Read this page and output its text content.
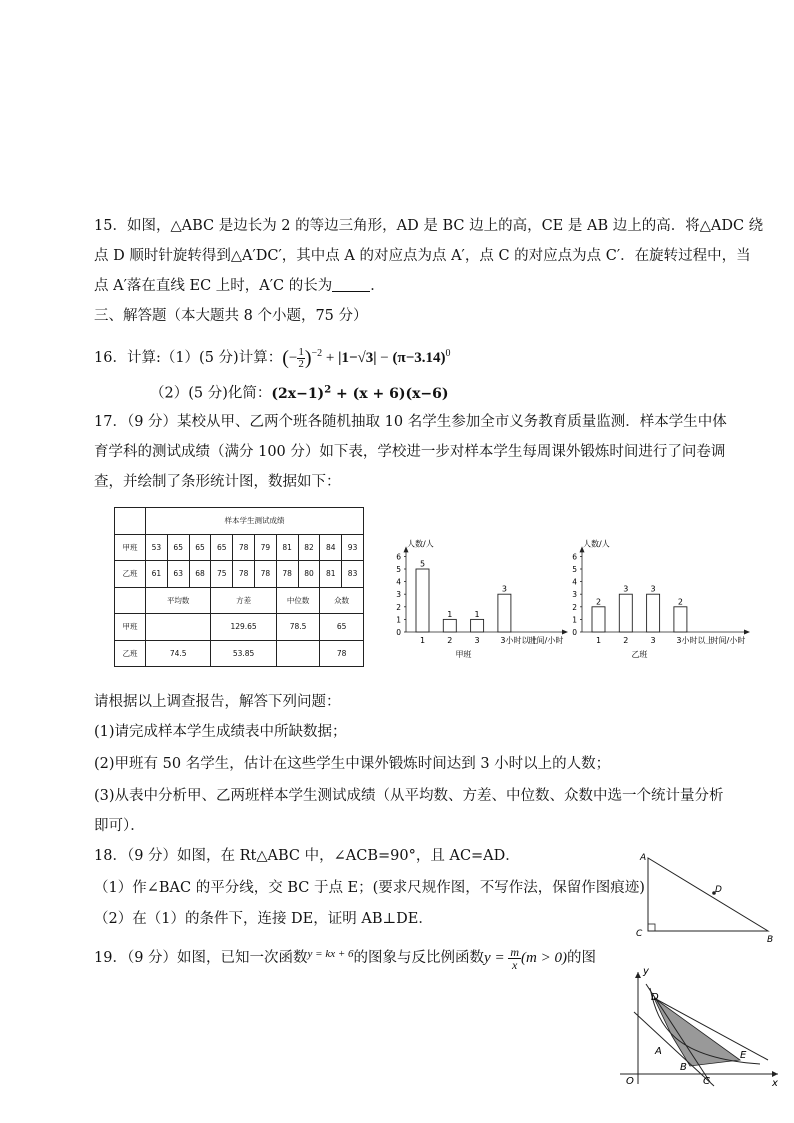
15．如图，△ABC 是边长为 2 的等边三角形，AD 是 BC 边上的高，CE 是 AB 边上的高．将△ADC 绕
点 D 顺时针旋转得到△A′DC′，其中点 A 的对应点为点 A′，点 C 的对应点为点 C′．在旋转过程中，当
点 A′落在直线 EC 上时，A′C 的长为	．
三、解答题（本大题共 8 个小题，75 分）
16．计算:（1）(5 分)计算：(− $\frac{1}{2} )^{-2} + |1-√3| - (\pi-3.14)^0$
（2）(5 分)化简：$(2x-1)^2 + (x + 6)(x-6)$
17．（9 分）某校从甲、乙两个班各随机抽取 10 名学生参加全市义务教育质量监测．样本学生中体
育学科的测试成绩（满分 100 分）如下表，学校进一步对样本学生每周课外锻炼时间进行了问卷调
查，并绘制了条形统计图，数据如下：
	样本学生测试成绩									
甲班	53	65	65	65	78	79	81	82	84	93
乙班	61	63	68	75	78	78	78	80	81	83
	平均数			方差			中位数		众数	
甲班				129.65			78.5		65	
乙班	74.5			53.85					78	
0
1
2
3
4
5
6
人数/人
5
1
1
2
1
3
3
3小时以上
时间/小时
甲班
0
1
2
3
4
5
6
人数/人
2
1
3
2
3
3
2
3小时以上
时间/小时
乙班
请根据以上调查报告，解答下列问题：
(1)请完成样本学生成绩表中所缺数据；
(2)甲班有 50 名学生，估计在这些学生中课外锻炼时间达到 3 小时以上的人数；
(3)从表中分析甲、乙两班样本学生测试成绩（从平均数、方差、中位数、众数中选一个统计量分析
即可）．
18．（9 分）如图，在 Rt△ABC 中，∠ACB=90°，且 AC=AD．
（1）作∠BAC 的平分线，交 BC 于点 E；(要求尺规作图，不写作法，保留作图痕迹)
（2）在（1）的条件下，连接 DE，证明 AB⊥DE．
A
D
C
B
19．（9 分）如图，已知一次函数$^{y = kx + 6}$的图象与反比例函数$y = \frac{m}{x} (m > 0)$的图
y
x
O
D
A
B
C
E
